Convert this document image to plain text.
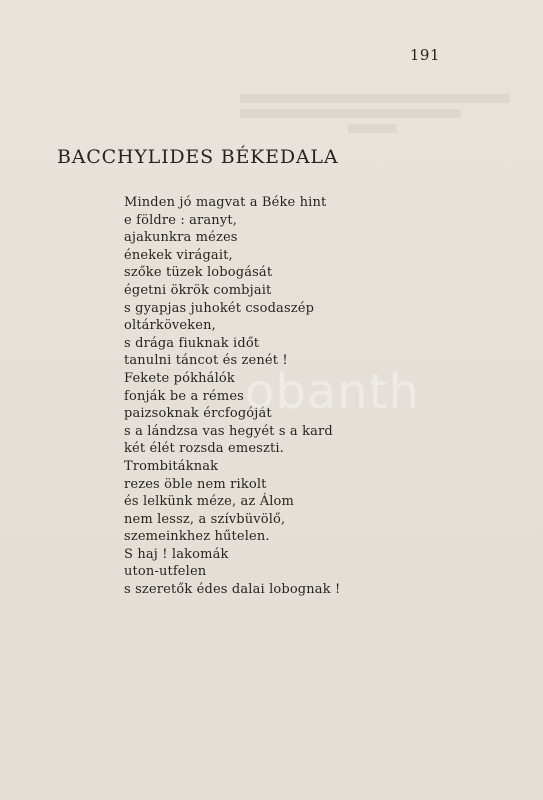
191
BACCHYLIDES BÉKEDALA
Minden jó magvat a Béke hint
e földre : aranyt,
ajakunkra mézes
énekek virágait,
szőke tüzek lobogását
égetni ökrök combjait
s gyapjas juhokét csodaszép
oltárköveken,
s drága fiuknak időt
tanulni táncot és zenét !
Fekete pókhálók
fonják be a rémes
paizsoknak ércfogóját
s a lándzsa vas hegyét s a kard
két élét rozsda emeszti.
Trombitáknak
rezes öble nem rikolt
és lelkünk méze, az Álom
nem lessz, a szívbüvölő,
szemeinkhez hűtelen.
S haj ! lakomák
uton-utfelen
s szeretők édes dalai lobognak !
obanth
